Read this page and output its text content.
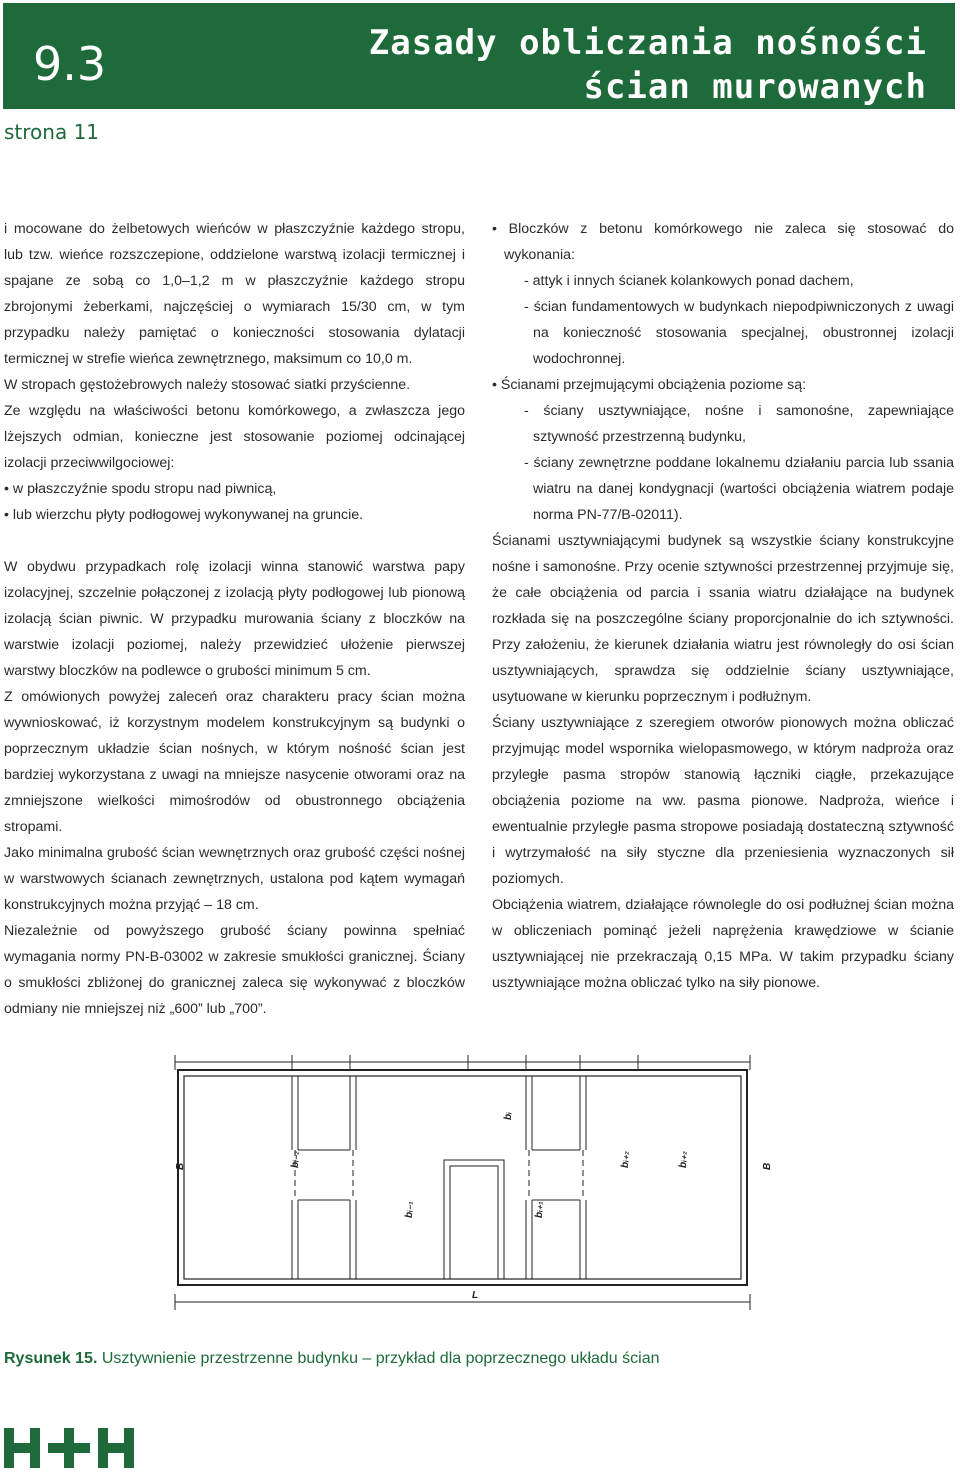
9.3	Zasady obliczania nośności
ścian murowanych
strona 11

i mocowane do żelbetowych wieńców w płaszczyźnie każdego stropu, lub tzw. wieńce rozszczepione, oddzielone warstwą izolacji termicznej i spajane ze sobą co 1,0–1,2 m w płaszczyźnie każdego stropu zbrojonymi żeberkami, najczęściej o wymiarach 15/30 cm, w tym przypadku należy pamiętać o konieczności stosowania dylatacji termicznej w strefie wieńca zewnętrznego, maksimum co 10,0 m.

W stropach gęstożebrowych należy stosować siatki przyścienne.

Ze względu na właściwości betonu komórkowego, a zwłaszcza jego lżejszych odmian, konieczne jest stosowanie poziomej odcinającej izolacji przeciwwilgociowej:

• w płaszczyźnie spodu stropu nad piwnicą,

• lub wierzchu płyty podłogowej wykonywanej na gruncie.

W obydwu przypadkach rolę izolacji winna stanowić warstwa papy izolacyjnej, szczelnie połączonej z izolacją płyty podłogowej lub pionową izolacją ścian piwnic. W przypadku murowania ściany z bloczków na warstwie izolacji poziomej, należy przewidzieć ułożenie pierwszej warstwy bloczków na podlewce o grubości minimum 5 cm.

Z omówionych powyżej zaleceń oraz charakteru pracy ścian można wywnioskować, iż korzystnym modelem konstrukcyjnym są budynki o poprzecznym układzie ścian nośnych, w którym nośność ścian jest bardziej wykorzystana z uwagi na mniejsze nasycenie otworami oraz na zmniejszone wielkości mimośrodów od obustronnego obciążenia stropami.

Jako minimalna grubość ścian wewnętrznych oraz grubość części nośnej w warstwowych ścianach zewnętrznych, ustalona pod kątem wymagań konstrukcyjnych można przyjąć – 18 cm.

Niezależnie od powyższego grubość ściany powinna spełniać wymagania normy PN-B-03002 w zakresie smukłości granicznej. Ściany o smukłości zbliżonej do granicznej zaleca się wykonywać z bloczków odmiany nie mniejszej niż „600” lub „700”.

• Bloczków z betonu komórkowego nie zaleca się stosować do wykonania:

- attyk i innych ścianek kolankowych ponad dachem,

- ścian fundamentowych w budynkach niepodpiwniczonych z uwagi na konieczność stosowania specjalnej, obustronnej izolacji wodochronnej.

• Ścianami przejmującymi obciążenia poziome są:

- ściany usztywniające, nośne i samonośne, zapewniające sztywność przestrzenną budynku,

- ściany zewnętrzne poddane lokalnemu działaniu parcia lub ssania wiatru na danej kondygnacji (wartości obciążenia wiatrem podaje norma PN-77/B-02011).

Ścianami usztywniającymi budynek są wszystkie ściany konstrukcyjne nośne i samonośne. Przy ocenie sztywności przestrzennej przyjmuje się, że całe obciążenia od parcia i ssania wiatru działające na budynek rozkłada się na poszczególne ściany proporcjonalnie do ich sztywności. Przy założeniu, że kierunek działania wiatru jest równoległy do osi ścian usztywniających, sprawdza się oddzielnie ściany usztywniające, usytuowane w kierunku poprzecznym i podłużnym.

Ściany usztywniające z szeregiem otworów pionowych można obliczać przyjmując model wspornika wielopasmowego, w którym nadproża oraz przyległe pasma stropów stanowią łączniki ciągłe, przekazujące obciążenia poziome na ww. pasma pionowe. Nadproża, wieńce i ewentualnie przyległe pasma stropowe posiadają dostateczną sztywność i wytrzymałość na siły styczne dla przeniesienia wyznaczonych sił poziomych.

Obciążenia wiatrem, działające równolegle do osi podłużnej ścian można w obliczeniach pominąć jeżeli naprężenia krawędziowe w ścianie usztywniającej nie przekraczają 0,15 MPa. W takim przypadku ściany usztywniające można obliczać tylko na siły pionowe.

B	bᵢ₋₂
bᵢ₋₁
bᵢ
bᵢ₊₁
bᵢ₊₂	bᵢ₊₂	B
L
Rysunek 15. Usztywnienie przestrzenne budynku – przykład dla poprzecznego układu ścian
